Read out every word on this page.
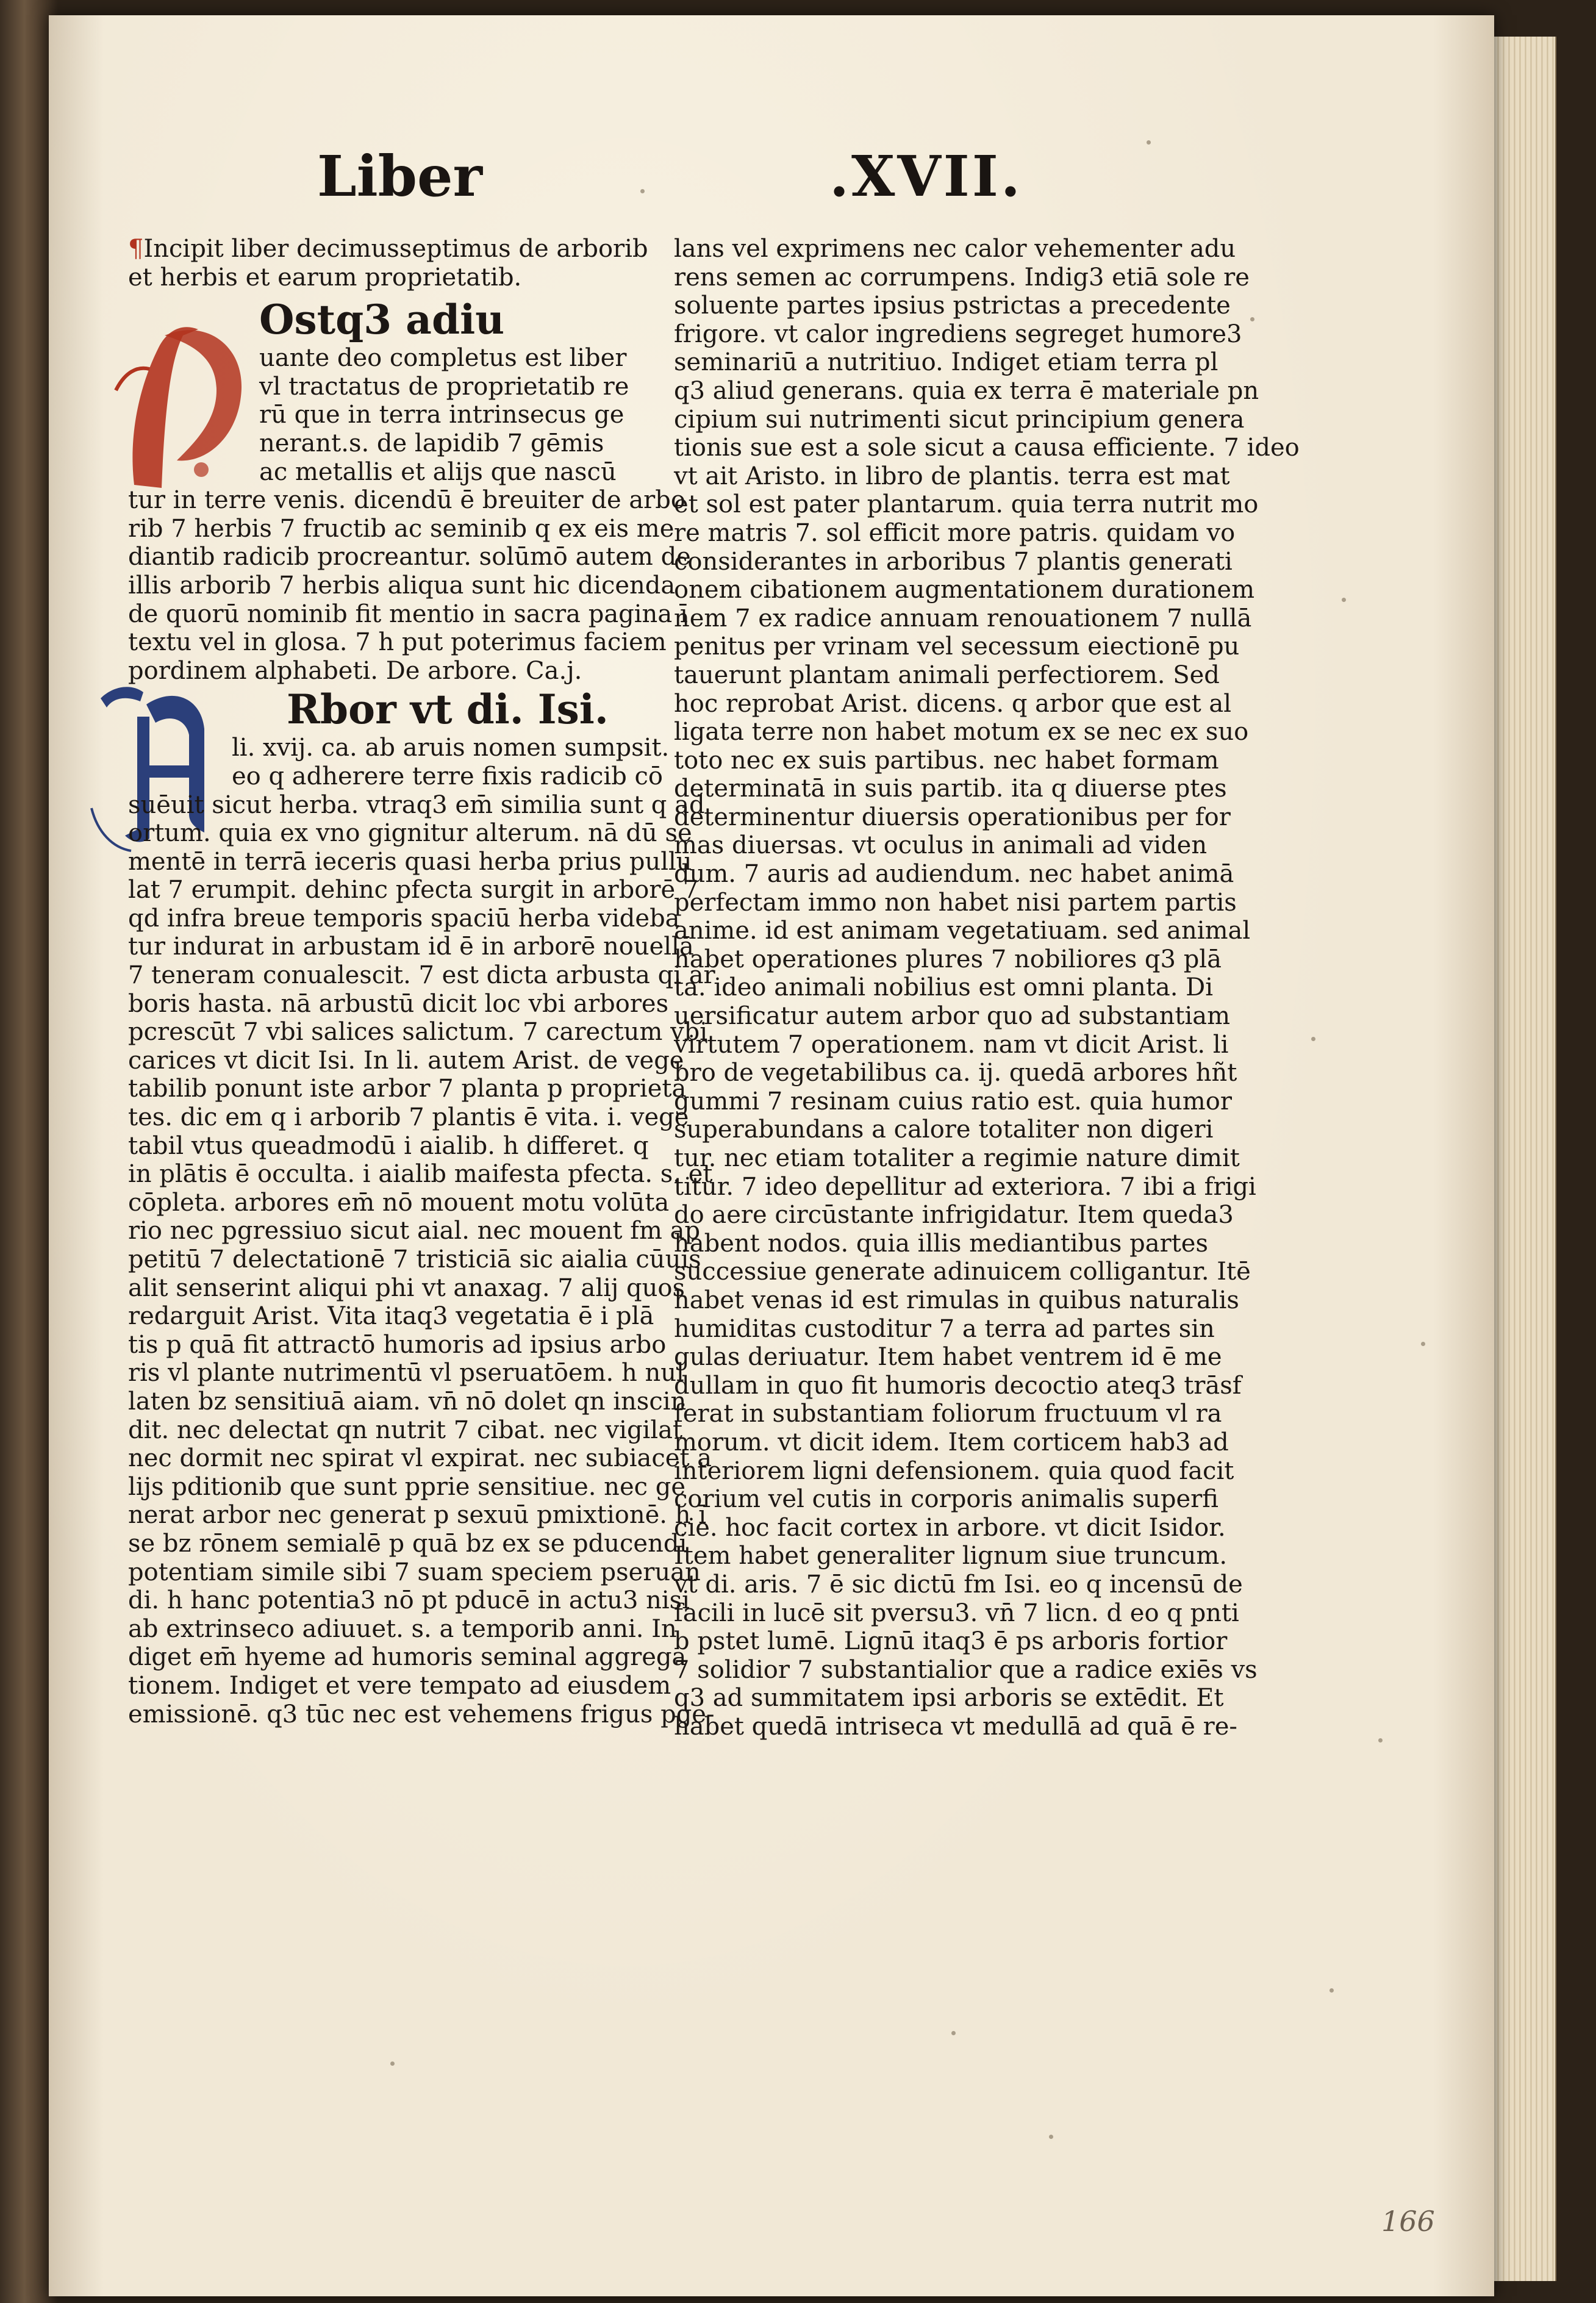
Liber	.XVII.
P
A
¶Incipit liber decimusseptimus de arborib
et herbis et earum proprietatib.
Ostq3 adiu
uante deo completus est liber
vl tractatus de proprietatib re
rū que in terra intrinsecus ge
nerant.s. de lapidib 7 gēmis
ac metallis et alijs que nascū
tur in terre venis. dicendū ē breuiter de arbo
rib 7 herbis 7 fructib ac seminib q ex eis me
diantib radicib procreantur. solūmō autem de
illis arborib 7 herbis aliqua sunt hic dicenda
de quorū nominib fit mentio in sacra pagina ī
textu vel in glosa. 7 h put poterimus faciem
pordinem alphabeti. De arbore. Ca.j.
Rbor vt di. Isi.
li. xvij. ca. ab aruis nomen sumpsit.
eo q adherere terre fixis radicib cō
suēuit sicut herba. vtraq3 em̄ similia sunt q ad
ortum. quia ex vno gignitur alterum. nā dū se
mentē in terrā ieceris quasi herba prius pullu
lat 7 erumpit. dehinc pfecta surgit in arborē 7
qd infra breue temporis spaciū herba videba
tur indurat in arbustam id ē in arborē nouellā
7 teneram conualescit. 7 est dicta arbusta qi ar
boris hasta. nā arbustū dicit loc vbi arbores
pcrescūt 7 vbi salices salictum. 7 carectum vbi
carices vt dicit Isi. In li. autem Arist. de vege
tabilib ponunt iste arbor 7 planta p proprieta
tes. dic em q i arborib 7 plantis ē vita. i. vege
tabil vtus queadmodū i aialib. h differet. q
in plātis ē occulta. i aialib maifesta pfecta. s. et
cōpleta. arbores em̄ nō mouent motu volūta
rio nec pgressiuo sicut aial. nec mouent fm ap
petitū 7 delectationē 7 tristiciā sic aialia cūuis
alit senserint aliqui phi vt anaxag. 7 alij quos
redarguit Arist. Vita itaq3 vegetatia ē i plā
tis p quā fit attractō humoris ad ipsius arbo
ris vl plante nutrimentū vl pseruatōem. h nul
laten bz sensitiuā aiam. vn̄ nō dolet qn inscin
dit. nec delectat qn nutrit 7 cibat. nec vigilat
nec dormit nec spirat vl expirat. nec subiacet a
lijs pditionib que sunt pprie sensitiue. nec ge
nerat arbor nec generat p sexuū pmixtionē. h ī
se bz rōnem semialē p quā bz ex se pducendi
potentiam simile sibi 7 suam speciem pseruan
di. h hanc potentia3 nō pt pducē in actu3 nisi
ab extrinseco adiuuet. s. a temporib anni. In
diget em̄ hyeme ad humoris seminal aggrega
tionem. Indiget et vere tempato ad eiusdem
emissionē. q3 tūc nec est vehemens frigus pge-
lans vel exprimens nec calor vehementer adu
rens semen ac corrumpens. Indig3 etiā sole re
soluente partes ipsius pstrictas a precedente
frigore. vt calor ingrediens segreget humore3
seminariū a nutritiuo. Indiget etiam terra pl
q3 aliud generans. quia ex terra ē materiale pn
cipium sui nutrimenti sicut principium genera
tionis sue est a sole sicut a causa efficiente. 7 ideo
vt ait Aristo. in libro de plantis. terra est mat
et sol est pater plantarum. quia terra nutrit mo
re matris 7. sol efficit more patris. quidam vo
considerantes in arboribus 7 plantis generati
onem cibationem augmentationem durationem
nem 7 ex radice annuam renouationem 7 nullā
penitus per vrinam vel secessum eiectionē pu
tauerunt plantam animali perfectiorem. Sed
hoc reprobat Arist. dicens. q arbor que est al
ligata terre non habet motum ex se nec ex suo
toto nec ex suis partibus. nec habet formam
determinatā in suis partib. ita q diuerse ptes
determinentur diuersis operationibus per for
mas diuersas. vt oculus in animali ad viden
dum. 7 auris ad audiendum. nec habet animā
perfectam immo non habet nisi partem partis
anime. id est animam vegetatiuam. sed animal
habet operationes plures 7 nobiliores q3 plā
ta. ideo animali nobilius est omni planta. Di
uersificatur autem arbor quo ad substantiam
virtutem 7 operationem. nam vt dicit Arist. li
bro de vegetabilibus ca. ij. quedā arbores hñt
gummi 7 resinam cuius ratio est. quia humor
superabundans a calore totaliter non digeri
tur. nec etiam totaliter a regimie nature dimit
titur. 7 ideo depellitur ad exteriora. 7 ibi a frigi
do aere circūstante infrigidatur. Item queda3
habent nodos. quia illis mediantibus partes
successiue generate adinuicem colligantur. Itē
habet venas id est rimulas in quibus naturalis
humiditas custoditur 7 a terra ad partes sin
gulas deriuatur. Item habet ventrem id ē me
dullam in quo fit humoris decoctio ateq3 trāsf
ferat in substantiam foliorum fructuum vl ra
morum. vt dicit idem. Item corticem hab3 ad
interiorem ligni defensionem. quia quod facit
corium vel cutis in corporis animalis superfi
cie. hoc facit cortex in arbore. vt dicit Isidor.
Item habet generaliter lignum siue truncum.
vt di. aris. 7 ē sic dictū fm Isi. eo q incensū de
facili in lucē sit pversu3. vn̄ 7 licn. d eo q pnti
b pstet lumē. Lignū itaq3 ē ps arboris fortior
7 solidior 7 substantialior que a radice exiēs vs
q3 ad summitatem ipsi arboris se extēdit. Et
habet quedā intriseca vt medullā ad quā ē re-
166
